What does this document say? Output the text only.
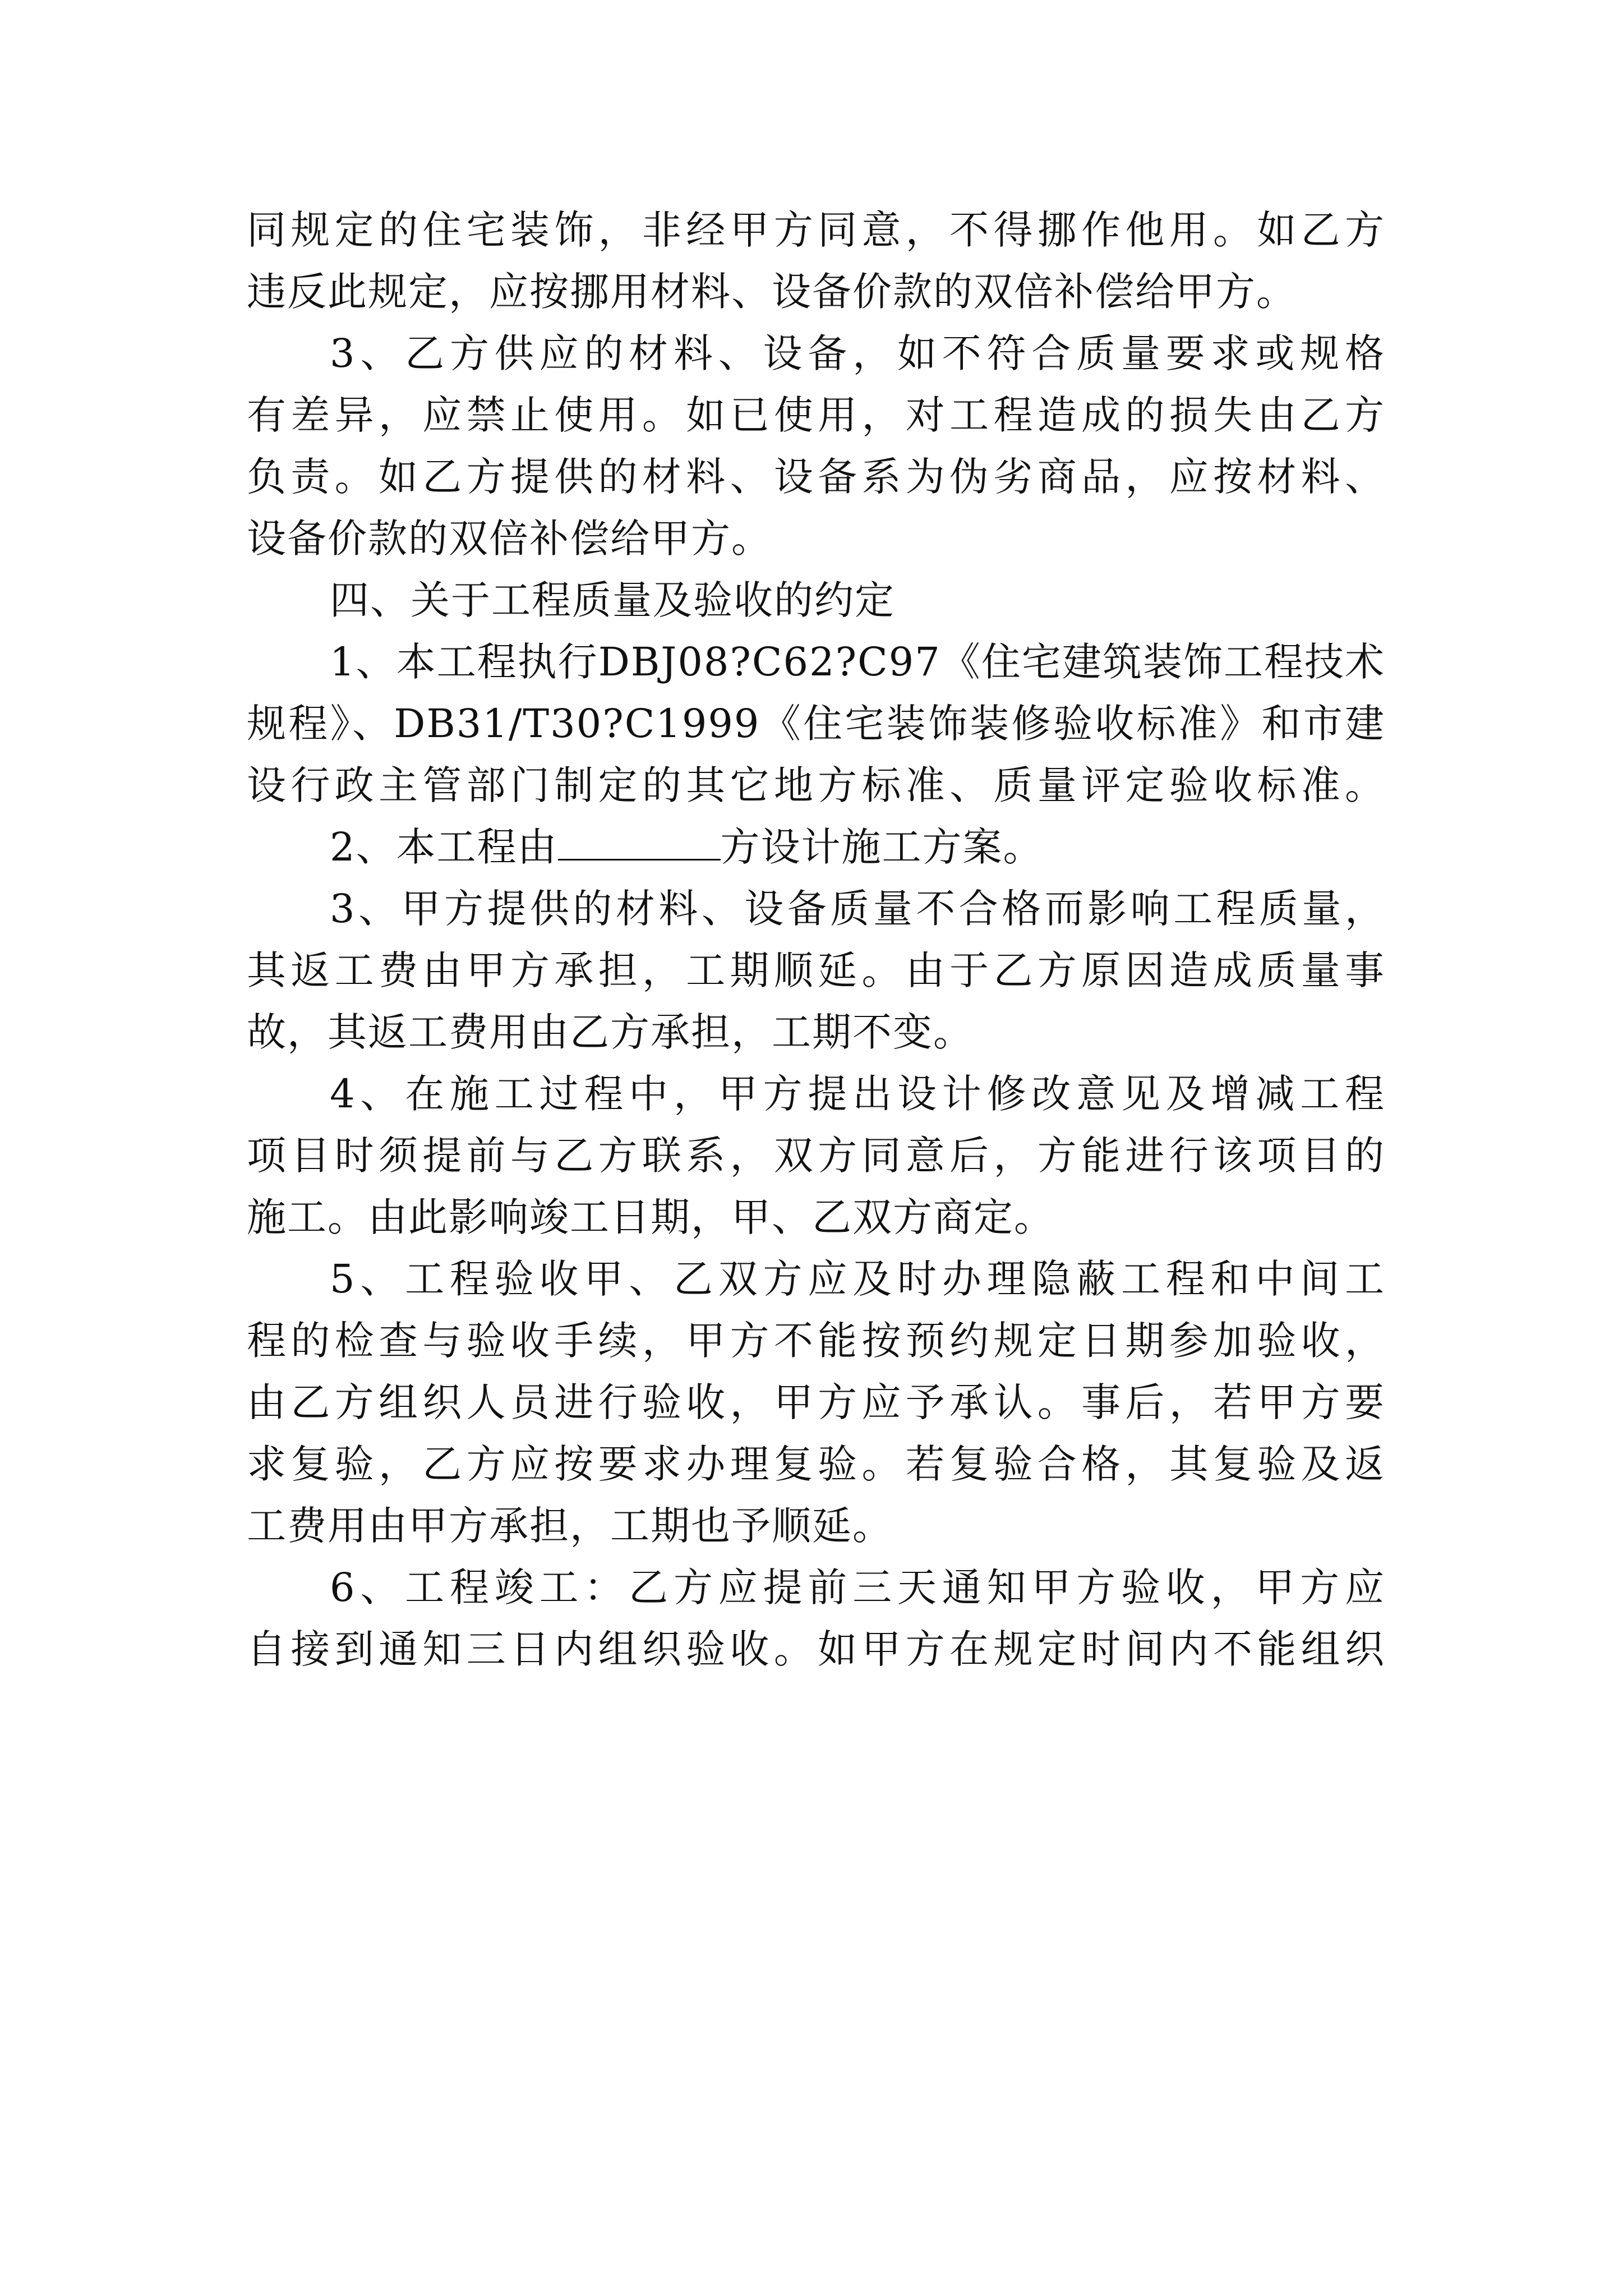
同规定的住宅装饰，非经甲方同意，不得挪作他用。如乙方
违反此规定，应按挪用材料、设备价款的双倍补偿给甲方。
3、乙方供应的材料、设备，如不符合质量要求或规格
有差异，应禁止使用。如已使用，对工程造成的损失由乙方
负责。如乙方提供的材料、设备系为伪劣商品，应按材料、
设备价款的双倍补偿给甲方。
四、关于工程质量及验收的约定
1、本工程执行DBJ08?C62?C97《住宅建筑装饰工程技术
规程》、DB31/T30?C1999《住宅装饰装修验收标准》和市建
设行政主管部门制定的其它地方标准、质量评定验收标准。
2、本工程由	方设计施工方案。
3、甲方提供的材料、设备质量不合格而影响工程质量，
其返工费由甲方承担，工期顺延。由于乙方原因造成质量事
故，其返工费用由乙方承担，工期不变。
4、在施工过程中，甲方提出设计修改意见及增减工程
项目时须提前与乙方联系，双方同意后，方能进行该项目的
施工。由此影响竣工日期，甲、乙双方商定。
5、工程验收甲、乙双方应及时办理隐蔽工程和中间工
程的检查与验收手续，甲方不能按预约规定日期参加验收，
由乙方组织人员进行验收，甲方应予承认。事后，若甲方要
求复验，乙方应按要求办理复验。若复验合格，其复验及返
工费用由甲方承担，工期也予顺延。
6、工程竣工：乙方应提前三天通知甲方验收，甲方应
自接到通知三日内组织验收。如甲方在规定时间内不能组织
